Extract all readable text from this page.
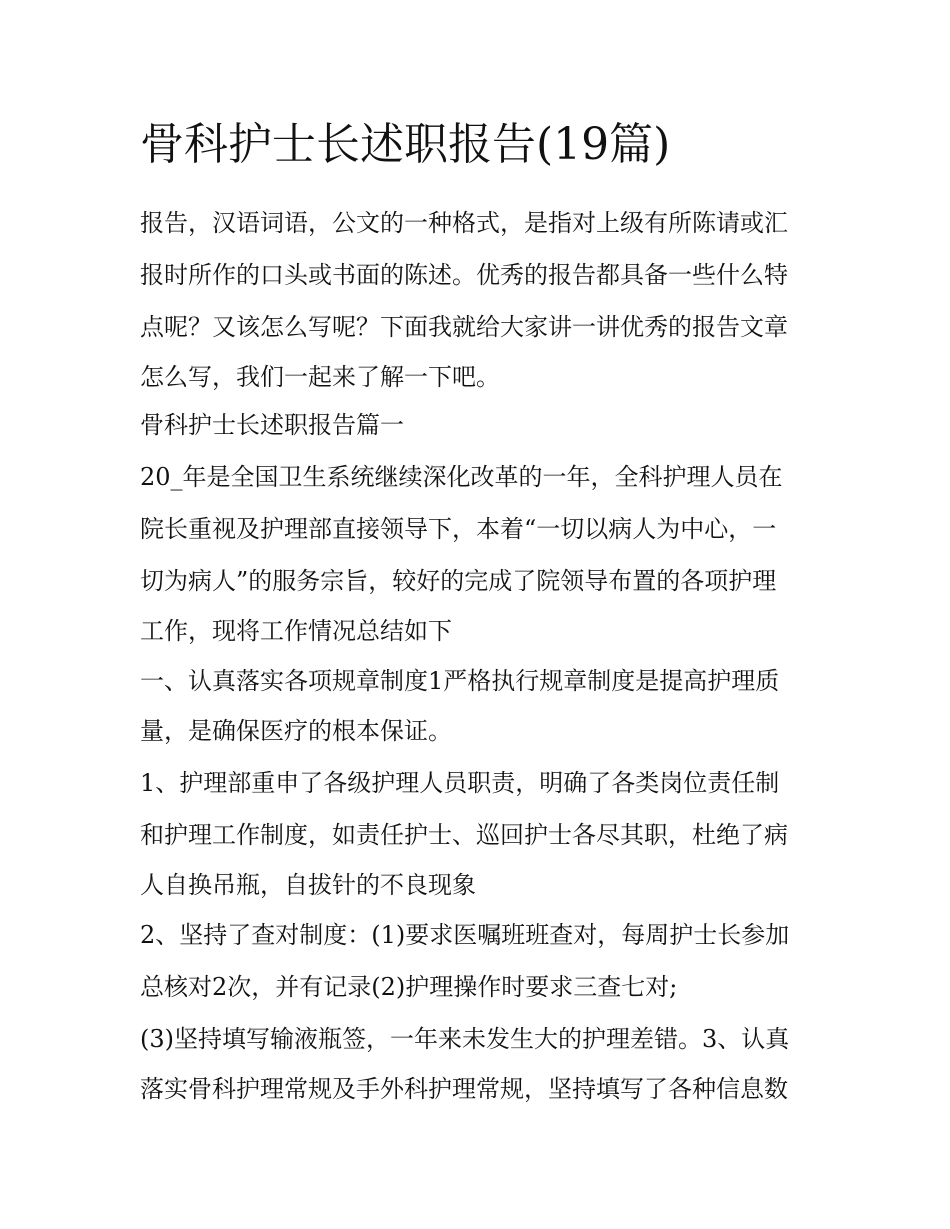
骨科护士长述职报告(19篇)

报告，汉语词语，公文的一种格式，是指对上级有所陈请或汇

报时所作的口头或书面的陈述。优秀的报告都具备一些什么特

点呢？又该怎么写呢？下面我就给大家讲一讲优秀的报告文章

怎么写，我们一起来了解一下吧。

骨科护士长述职报告篇一

20_年是全国卫生系统继续深化改革的一年，全科护理人员在

院长重视及护理部直接领导下，本着“一切以病人为中心，一

切为病人”的服务宗旨，较好的完成了院领导布置的各项护理

工作，现将工作情况总结如下

一、认真落实各项规章制度1严格执行规章制度是提高护理质

量，是确保医疗的根本保证。

1、护理部重申了各级护理人员职责，明确了各类岗位责任制

和护理工作制度，如责任护士、巡回护士各尽其职，杜绝了病

人自换吊瓶，自拔针的不良现象

2、坚持了查对制度：(1)要求医嘱班班查对，每周护士长参加

总核对2次，并有记录(2)护理操作时要求三查七对;

(3)坚持填写输液瓶签，一年来未发生大的护理差错。3、认真

落实骨科护理常规及手外科护理常规，坚持填写了各种信息数
